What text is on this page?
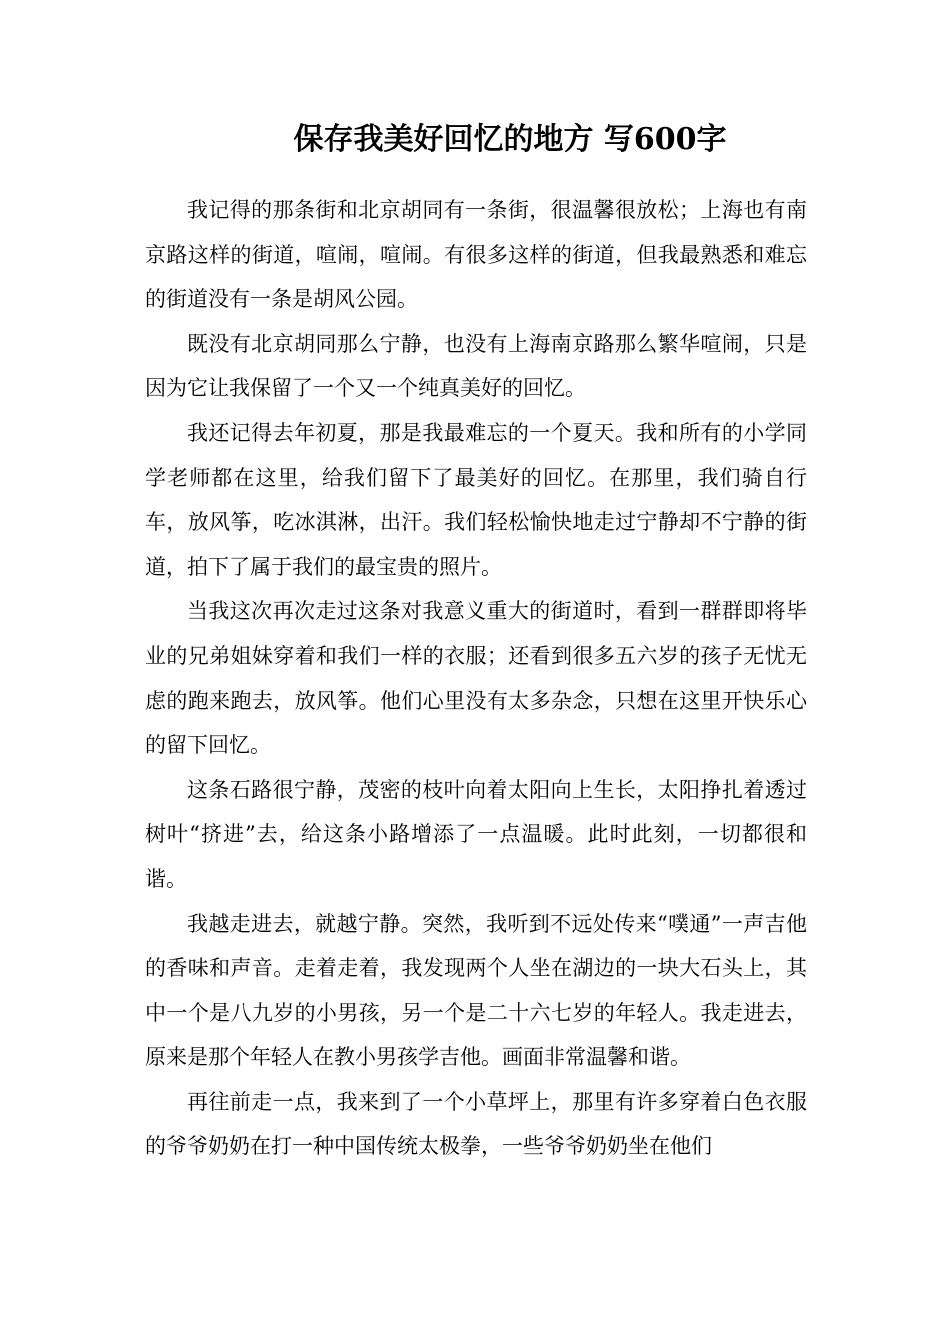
保存我美好回忆的地方 写600字

我记得的那条街和北京胡同有一条街，很温馨很放松；上海也有南京路这样的街道，喧闹，喧闹。有很多这样的街道，但我最熟悉和难忘的街道没有一条是胡风公园。

既没有北京胡同那么宁静，也没有上海南京路那么繁华喧闹，只是因为它让我保留了一个又一个纯真美好的回忆。

我还记得去年初夏，那是我最难忘的一个夏天。我和所有的小学同学老师都在这里，给我们留下了最美好的回忆。在那里，我们骑自行车，放风筝，吃冰淇淋，出汗。我们轻松愉快地走过宁静却不宁静的街道，拍下了属于我们的最宝贵的照片。

当我这次再次走过这条对我意义重大的街道时，看到一群群即将毕业的兄弟姐妹穿着和我们一样的衣服；还看到很多五六岁的孩子无忧无虑的跑来跑去，放风筝。他们心里没有太多杂念，只想在这里开快乐心的留下回忆。

这条石路很宁静，茂密的枝叶向着太阳向上生长，太阳挣扎着透过树叶“挤进”去，给这条小路增添了一点温暖。此时此刻，一切都很和谐。

我越走进去，就越宁静。突然，我听到不远处传来“噗通”一声吉他的香味和声音。走着走着，我发现两个人坐在湖边的一块大石头上，其中一个是八九岁的小男孩，另一个是二十六七岁的年轻人。我走进去，原来是那个年轻人在教小男孩学吉他。画面非常温馨和谐。

再往前走一点，我来到了一个小草坪上，那里有许多穿着白色衣服的爷爷奶奶在打一种中国传统太极拳，一些爷爷奶奶坐在他们
